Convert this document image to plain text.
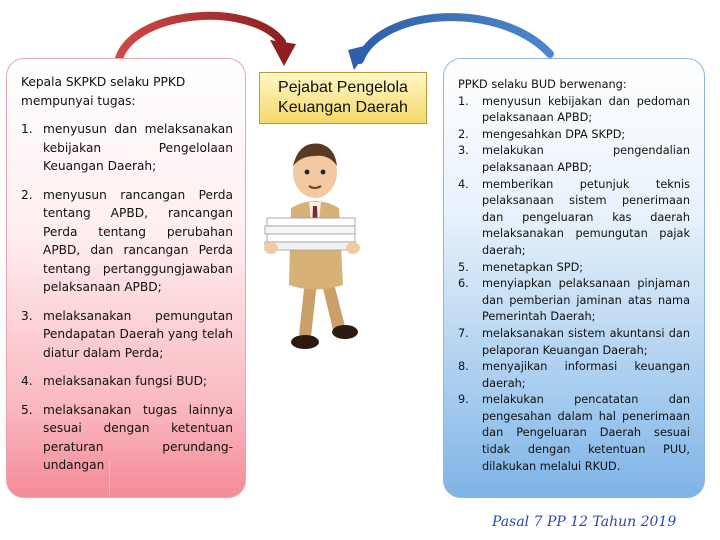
Kepala SKPKD selaku PPKD mempunyai tugas:

1. menyusun dan melaksanakan kebijakan Pengelolaan Keuangan Daerah;
2. menyusun rancangan Perda tentang APBD, rancangan Perda tentang perubahan APBD, dan rancangan Perda tentang pertanggungjawaban pelaksanaan APBD;
3. melaksanakan pemungutan Pendapatan Daerah yang telah diatur dalam Perda;
4. melaksanakan fungsi BUD;
5. melaksanakan tugas lainnya sesuai dengan ketentuan peraturan perundang-undangan
Pejabat Pengelola Keuangan Daerah

PPKD selaku BUD berwenang:

1.	menyusun kebijakan dan pedoman pelaksanaan APBD;
2.	mengesahkan DPA SKPD;
3.	melakukan pengendalian pelaksanaan APBD;
4.	memberikan petunjuk teknis pelaksanaan sistem penerimaan dan pengeluaran kas daerah melaksanakan pemungutan pajak daerah;
5.	menetapkan SPD;
6.	menyiapkan pelaksanaan pinjaman dan pemberian jaminan atas nama Pemerintah Daerah;
7.	melaksanakan sistem akuntansi dan pelaporan Keuangan Daerah;
8.	menyajikan informasi keuangan daerah;
9.	melakukan pencatatan dan pengesahan dalam hal penerimaan dan Pengeluaran Daerah sesuai tidak dengan ketentuan PUU, dilakukan melalui RKUD.
Pasal 7 PP 12 Tahun 2019
